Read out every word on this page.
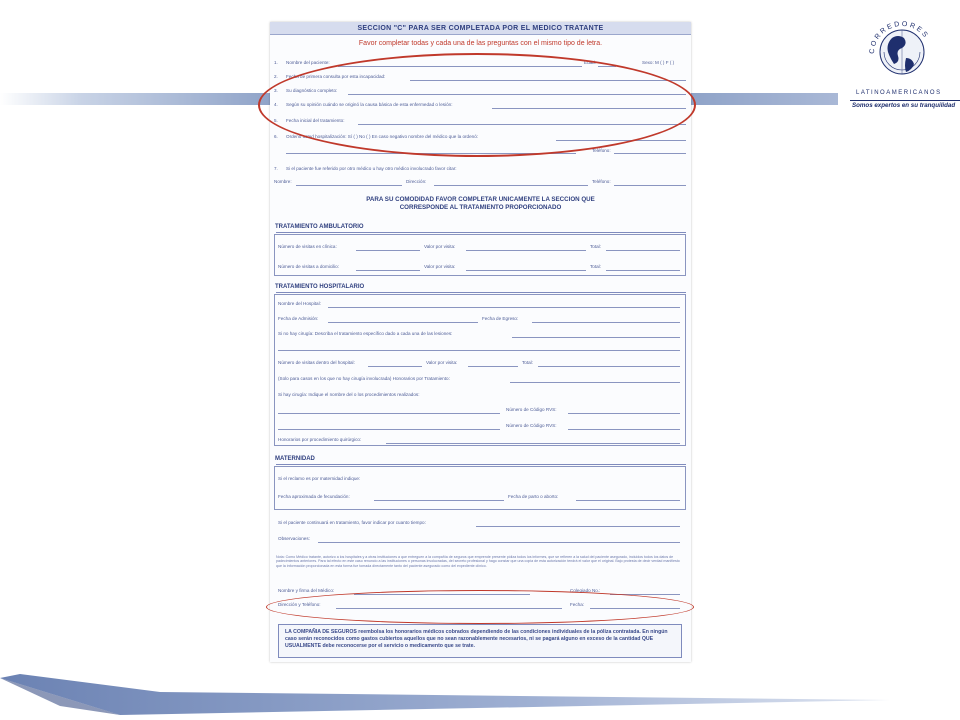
CORREDORES
LATINOAMERICANOS
Somos expertos en su tranquilidad
SECCION "C" PARA SER COMPLETADA POR EL MEDICO TRATANTE
Favor completar todas y cada una de las preguntas con el mismo tipo de letra.
1. Nombre del paciente:	Edad:	Sexo: M ( ) F ( )
2. Fecha de primera consulta por esta incapacidad:
3. Su diagnóstico completo:
4. Según su opinión cuándo se originó la causa básica de esta enfermedad o lesión:
5. Fecha inicial del tratamiento:
6. Ordenó usted hospitalización: Sí ( ) No ( ) En caso negativo nombre del médico que la ordenó:
Teléfono:
7. Si el paciente fue referido por otro médico u hay otro médico involucrado favor citar:
Nombre:	Dirección:	Teléfono:
PARA SU COMODIDAD FAVOR COMPLETAR UNICAMENTE LA SECCION QUE
CORRESPONDE AL TRATAMIENTO PROPORCIONADO
TRATAMIENTO AMBULATORIO
Número de visitas en clínica:	Valor por visita:	Total:
Número de visitas a domicilio:	Valor por visita:	Total:
TRATAMIENTO HOSPITALARIO
Nombre del Hospital:
Fecha de Admisión:	Fecha de Egreso:
Si no hay cirugía: Describa el tratamiento específico dado a cada una de las lesiones:
Número de visitas dentro del hospital:	Valor por visita:	Total:
(Solo para casos en los que no hay cirugía involucrada) Honorarios por Tratamiento:
Si hay cirugía: Indique el nombre del o los procedimientos realizados:
Número de Código RVS:
Número de Código RVS:
Honorarios por procedimiento quirúrgico:
MATERNIDAD
Si el reclamo es por maternidad indique:
Fecha aproximada de fecundación:	Fecha de parto o aborto:
Si el paciente continuará en tratamiento, favor indicar por cuanto tiempo:
Observaciones:
Nota: Como Médico tratante, autorizo a los hospitales y a otras instituciones a que entreguen a la compañía de seguros que emprende presente póliza todos los informes, que se refieren a la salud del paciente asegurado, incluidos todos los datos de padecimientos anteriores. Para tal efecto en este caso renuncio a las instituciones o personas involucradas, del secreto profesional y hago constar que una copia de esta autorización tendrá el valor que el original. Bajo protesta de decir verdad manifiesto que la información proporcionada en esta forma fue tomada directamente tanto del paciente asegurado como del expediente clínico.
Nombre y firma del Médico:	Colegiado No.:
Dirección y Teléfono:	Fecha:
LA COMPAÑIA DE SEGUROS reembolsa los honorarios médicos cobrados dependiendo de las condiciones individuales de la póliza contratada. En ningún caso serán reconocidos como gastos cubiertos aquellos que no sean razonablemente necesarios, ni se pagará alguno en exceso de la cantidad QUE USUALMENTE debe reconocerse por el servicio o medicamento que se trate.
